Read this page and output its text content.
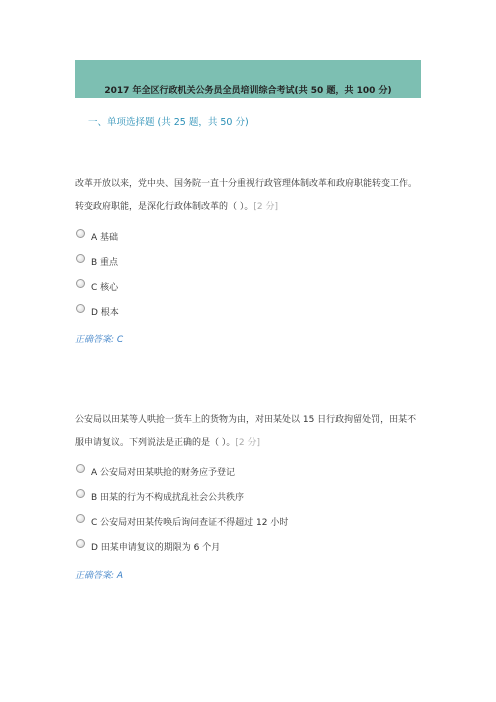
2017 年全区行政机关公务员全员培训综合考试(共 50 题，共 100 分)
一、单项选择题 (共 25 题，共 50 分)
改革开放以来，党中央、国务院一直十分重视行政管理体制改革和政府职能转变工作。转变政府职能，是深化行政体制改革的（ ）。[2 分]
A 基础
B 重点
C 核心
D 根本
正确答案: C
公安局以田某等人哄抢一货车上的货物为由，对田某处以 15 日行政拘留处罚，田某不服申请复议。下列说法是正确的是（ ）。[2 分]
A 公安局对田某哄抢的财务应予登记
B 田某的行为不构成扰乱社会公共秩序
C 公安局对田某传唤后询问查证不得超过 12 小时
D 田某申请复议的期限为 6 个月
正确答案: A
